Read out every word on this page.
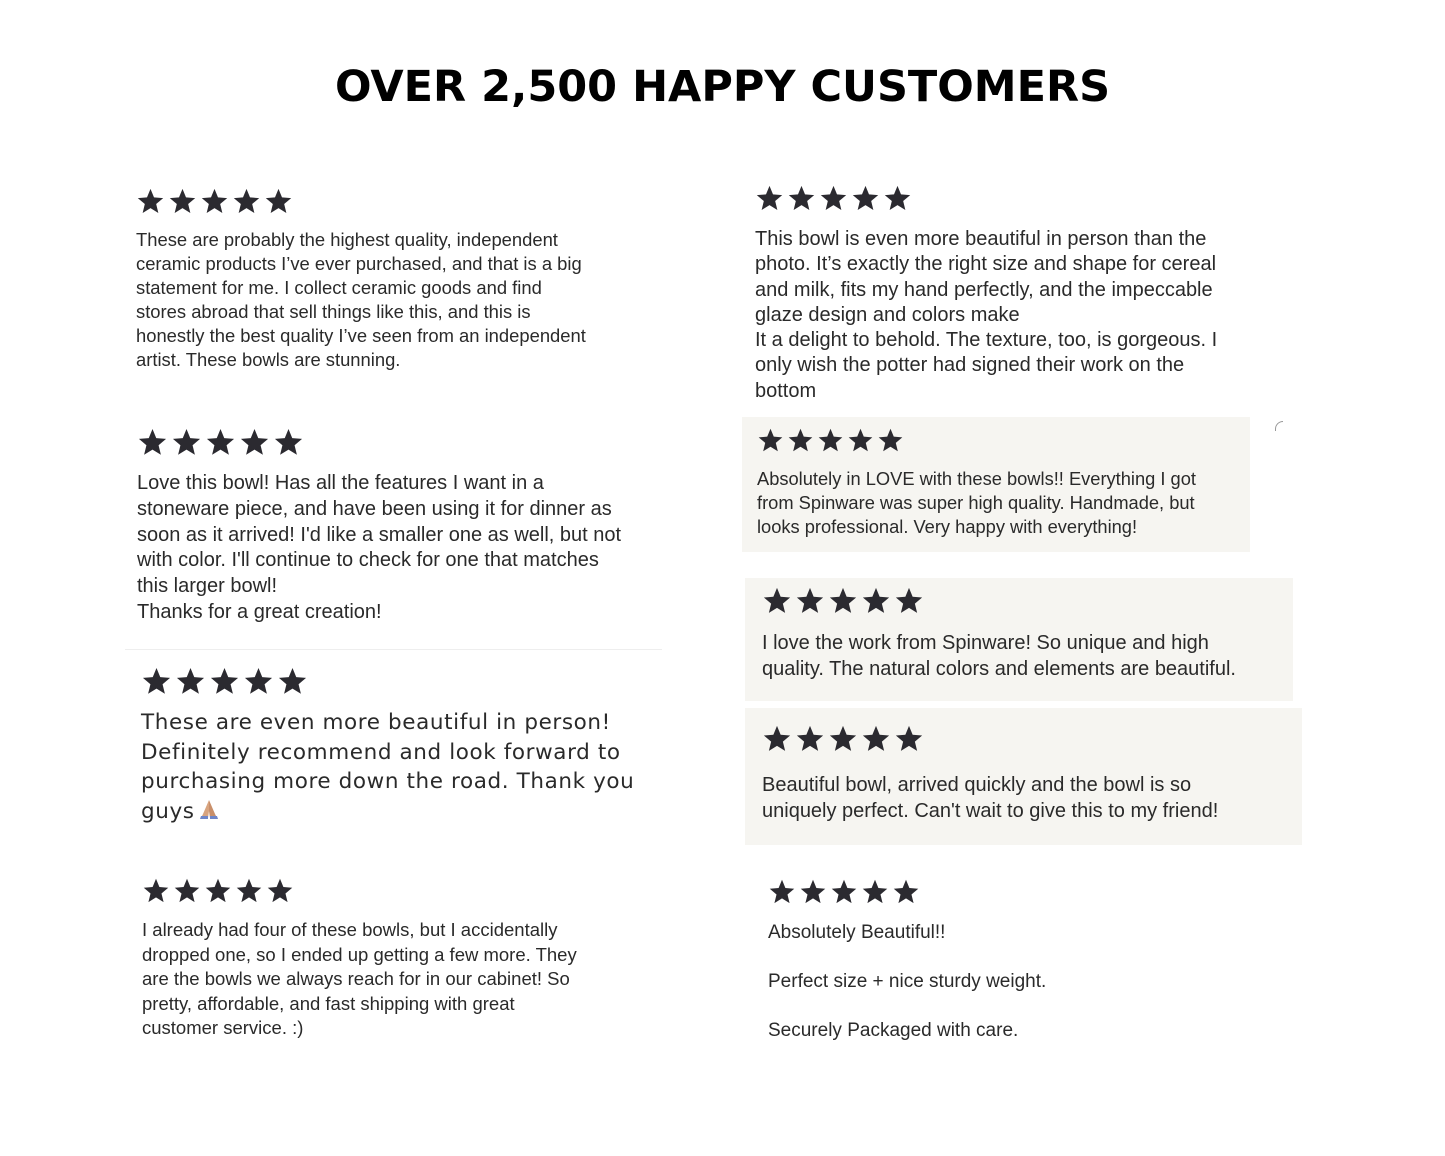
OVER 2,500 HAPPY CUSTOMERS

These are probably the highest quality, independent
ceramic products I’ve ever purchased, and that is a big
statement for me. I collect ceramic goods and find
stores abroad that sell things like this, and this is
honestly the best quality I’ve seen from an independent
artist. These bowls are stunning.

Love this bowl! Has all the features I want in a
stoneware piece, and have been using it for dinner as
soon as it arrived! I'd like a smaller one as well, but not
with color. I'll continue to check for one that matches
this larger bowl!
Thanks for a great creation!

These are even more beautiful in person!
Definitely recommend and look forward to
purchasing more down the road. Thank you
guys

I already had four of these bowls, but I accidentally
dropped one, so I ended up getting a few more. They
are the bowls we always reach for in our cabinet! So
pretty, affordable, and fast shipping with great
customer service. :)

This bowl is even more beautiful in person than the
photo. It’s exactly the right size and shape for cereal
and milk, fits my hand perfectly, and the impeccable
glaze design and colors make
It a delight to behold. The texture, too, is gorgeous. I
only wish the potter had signed their work on the
bottom

Absolutely in LOVE with these bowls!! Everything I got
from Spinware was super high quality. Handmade, but
looks professional. Very happy with everything!

I love the work from Spinware! So unique and high
quality. The natural colors and elements are beautiful.

Beautiful bowl, arrived quickly and the bowl is so
uniquely perfect. Can't wait to give this to my friend!

Absolutely Beautiful!!

Perfect size + nice sturdy weight.

Securely Packaged with care.
